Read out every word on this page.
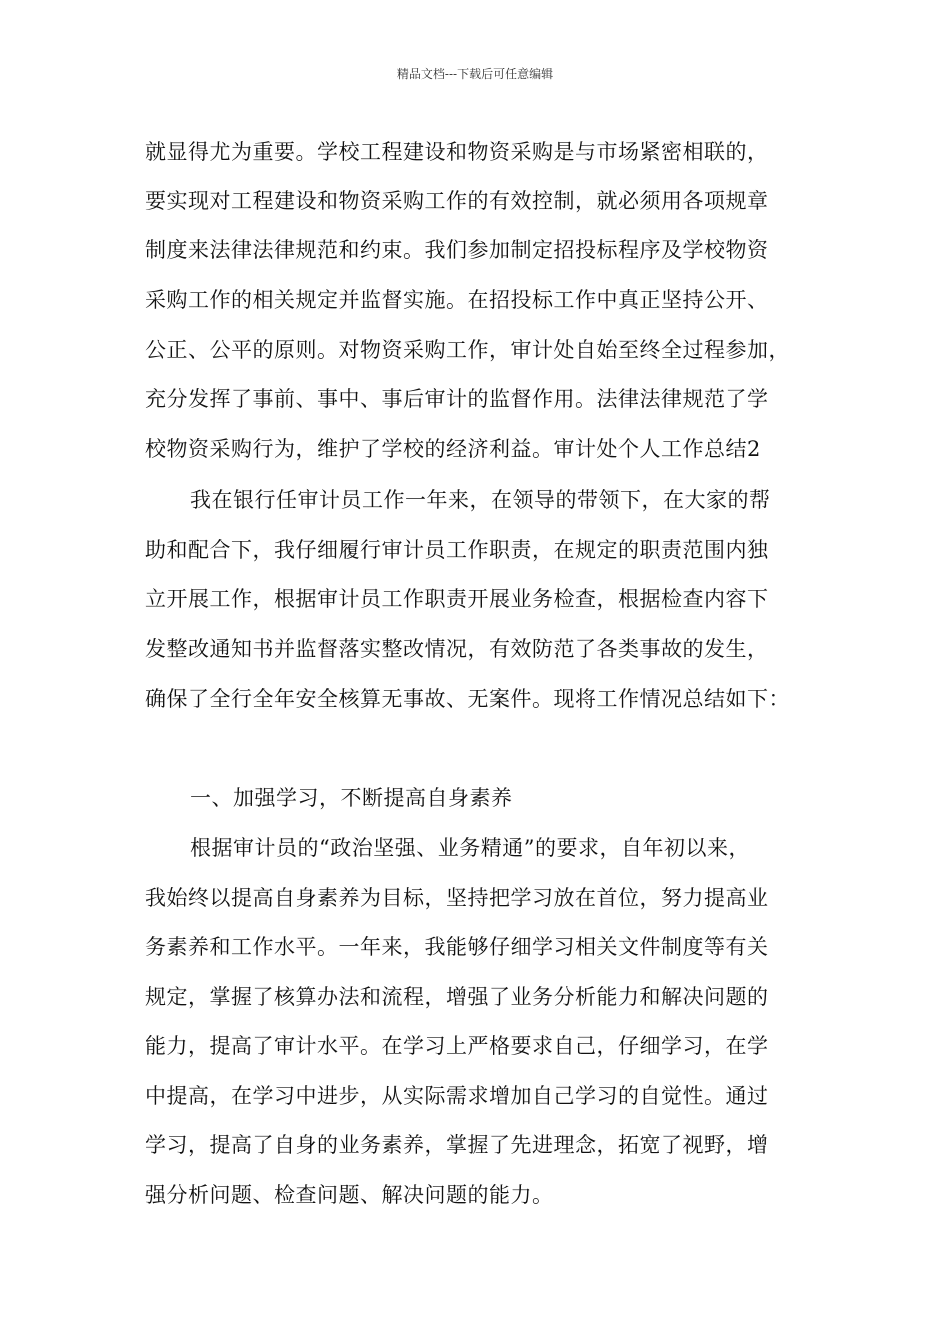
精品文档---下载后可任意编辑
就显得尤为重要。学校工程建设和物资采购是与市场紧密相联的，
要实现对工程建设和物资采购工作的有效控制，就必须用各项规章
制度来法律法律规范和约束。我们参加制定招投标程序及学校物资
采购工作的相关规定并监督实施。在招投标工作中真正坚持公开、
公正、公平的原则。对物资采购工作，审计处自始至终全过程参加，
充分发挥了事前、事中、事后审计的监督作用。法律法律规范了学
校物资采购行为，维护了学校的经济利益。审计处个人工作总结2
我在银行任审计员工作一年来，在领导的带领下，在大家的帮
助和配合下，我仔细履行审计员工作职责，在规定的职责范围内独
立开展工作，根据审计员工作职责开展业务检查，根据检查内容下
发整改通知书并监督落实整改情况，有效防范了各类事故的发生，
确保了全行全年安全核算无事故、无案件。现将工作情况总结如下：
一、加强学习，不断提高自身素养
根据审计员的“政治坚强、业务精通”的要求，自年初以来，
我始终以提高自身素养为目标，坚持把学习放在首位，努力提高业
务素养和工作水平。一年来，我能够仔细学习相关文件制度等有关
规定，掌握了核算办法和流程，增强了业务分析能力和解决问题的
能力，提高了审计水平。在学习上严格要求自己，仔细学习，在学
中提高，在学习中进步，从实际需求增加自己学习的自觉性。通过
学习，提高了自身的业务素养，掌握了先进理念，拓宽了视野，增
强分析问题、检查问题、解决问题的能力。
